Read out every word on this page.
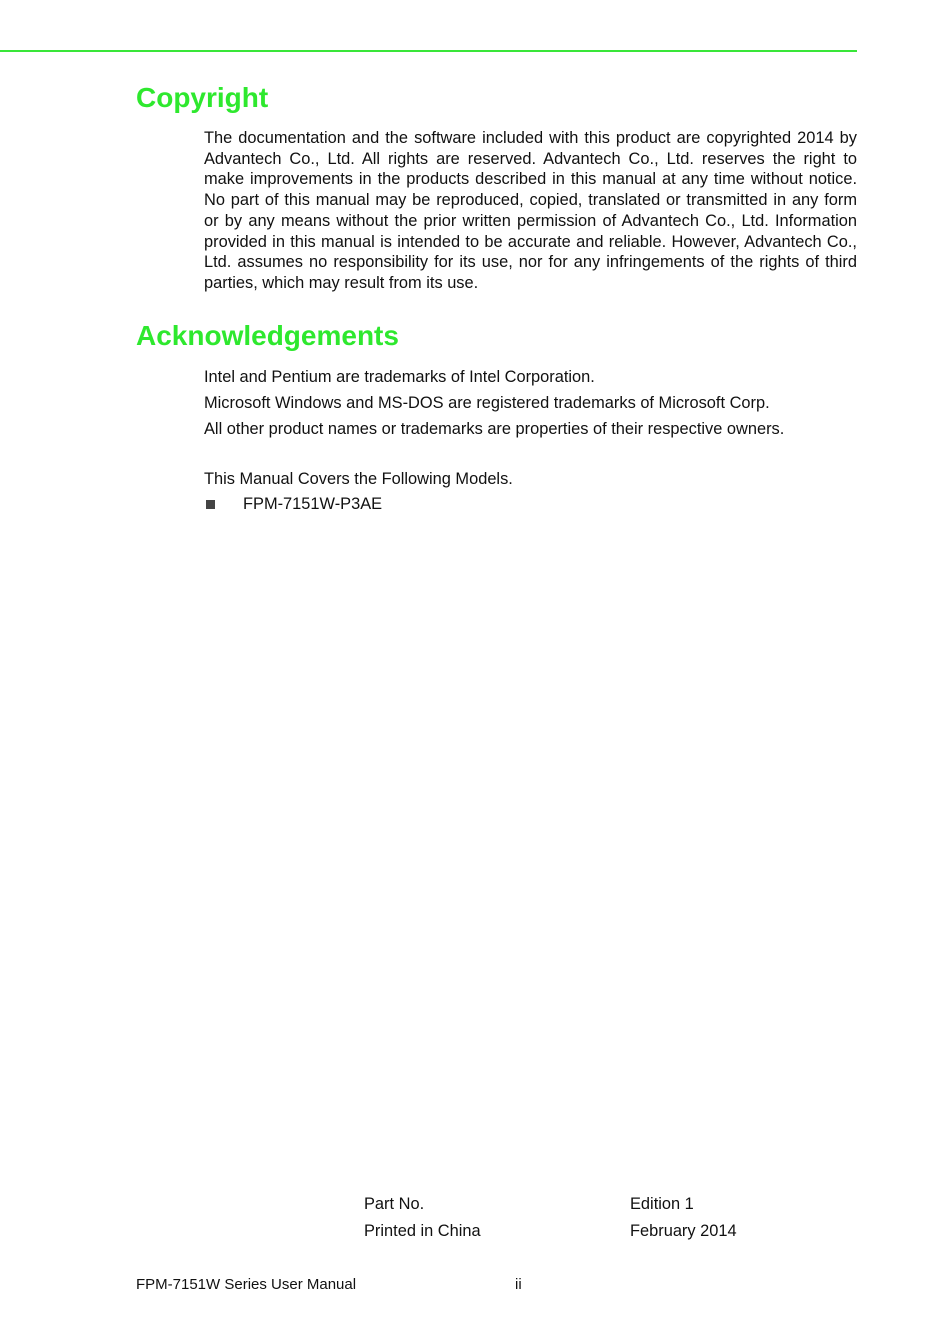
Copyright

The documentation and the software included with this product are copyrighted 2014 by Advantech Co., Ltd. All rights are reserved. Advantech Co., Ltd. reserves the right to make improvements in the products described in this manual at any time without notice. No part of this manual may be reproduced, copied, translated or transmitted in any form or by any means without the prior written permission of Advantech Co., Ltd. Information provided in this manual is intended to be accurate and reliable. However, Advantech Co., Ltd. assumes no responsibility for its use, nor for any infringements of the rights of third parties, which may result from its use.

Acknowledgements

Intel and Pentium are trademarks of Intel Corporation.

Microsoft Windows and MS-DOS are registered trademarks of Microsoft Corp.

All other product names or trademarks are properties of their respective owners.

This Manual Covers the Following Models.

FPM-7151W-P3AE
Part No.
Printed in China
Edition 1
February 2014
FPM-7151W Series User Manual	ii
